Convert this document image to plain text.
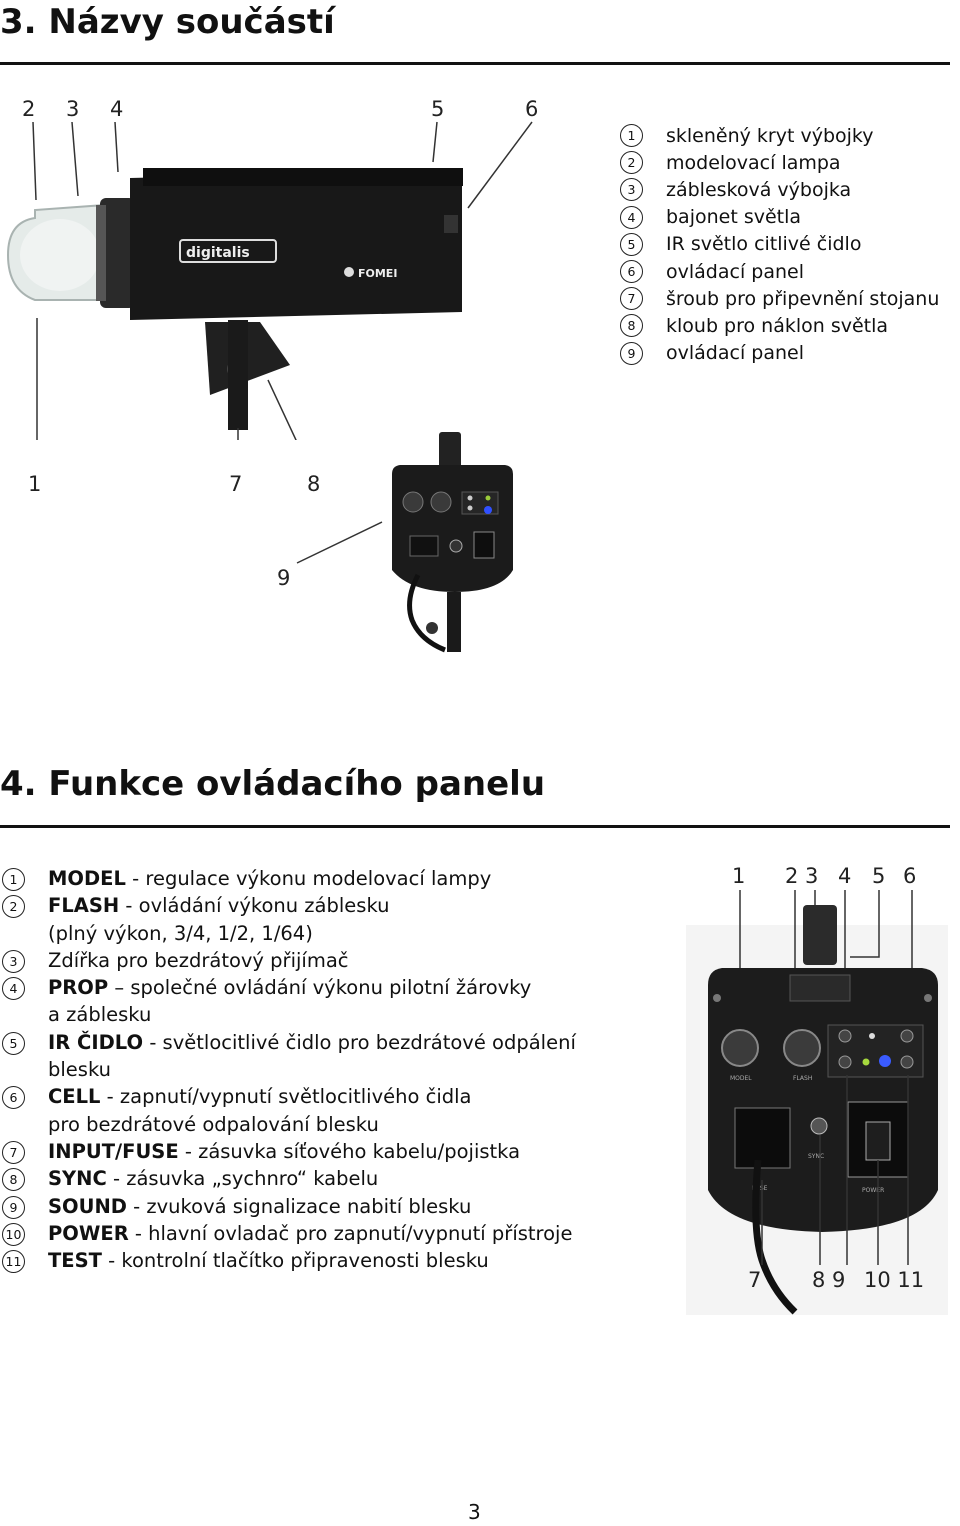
3. Názvy součástí
2 3 4	5	6
digitalis
FOMEI
1	7	8
9
1	skleněný kryt výbojky
2	modelovací lampa
3	záblesková výbojka
4	bajonet světla
5	IR světlo citlivé čidlo
6	ovládací panel
7	šroub pro připevnění stojanu
8	kloub pro náklon světla
9	ovládací panel
4. Funkce ovládacího panelu
1 MODEL - regulace výkonu modelovací lampy
2 FLASH - ovládání výkonu záblesku
(plný výkon, 3/4, 1/2, 1/64)
3 Zdířka pro bezdrátový přijímač
4 PROP – společné ovládání výkonu pilotní žárovky
a záblesku
5 IR ČIDLO - světlocitlivé čidlo pro bezdrátové odpálení
blesku
6 CELL - zapnutí/vypnutí světlocitlivého čidla
pro bezdrátové odpalování blesku
7 INPUT/FUSE - zásuvka síťového kabelu/pojistka
8 SYNC - zásuvka „sychnro“ kabelu
9 SOUND - zvuková signalizace nabití blesku
10 POWER - hlavní ovladač pro zapnutí/vypnutí přístroje
11 TEST - kontrolní tlačítko připravenosti blesku
1 2 3 4 5 6
MODEL	FLASH
FUSE
SYNC
POWER
7 8 9 10 11
3
